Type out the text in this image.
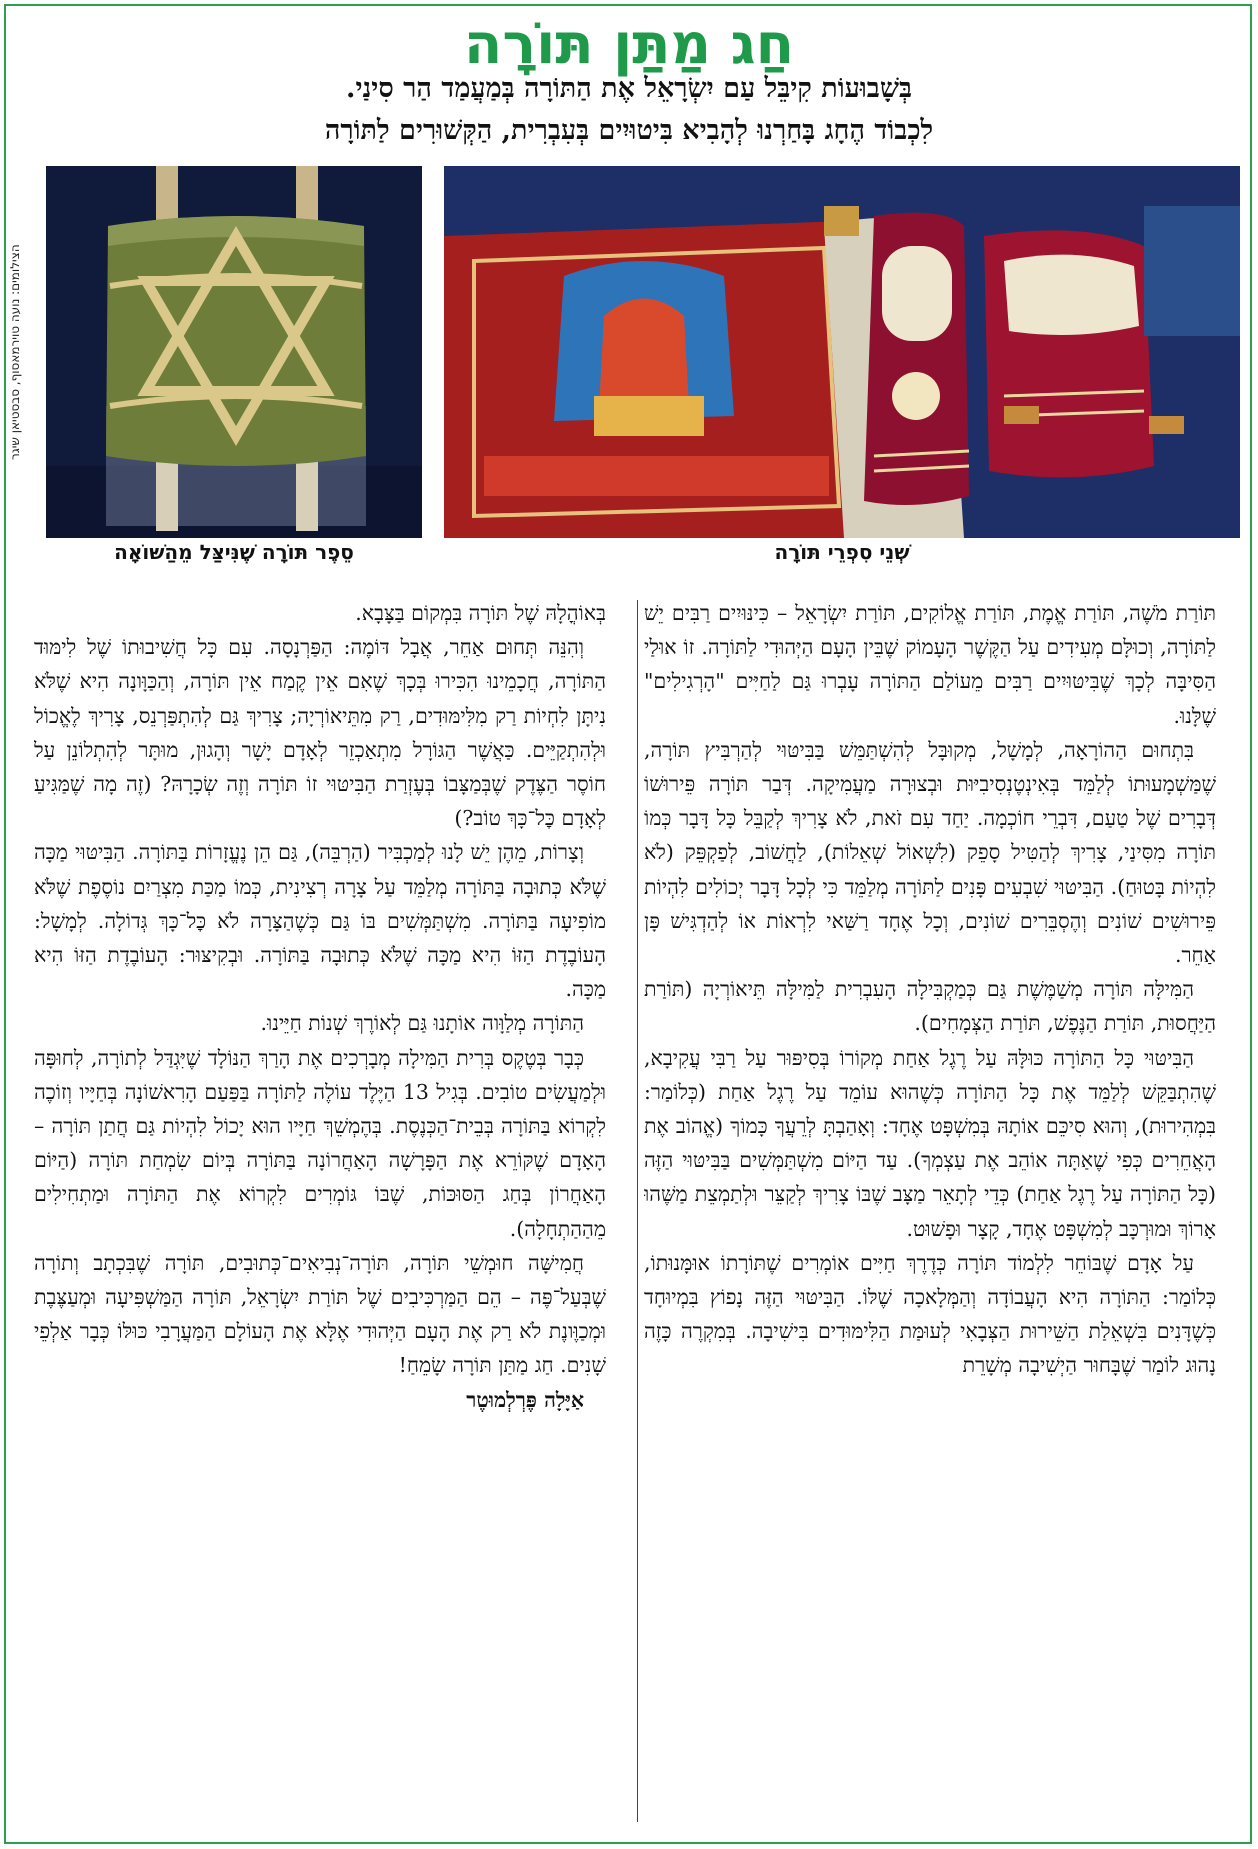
חַג מַתַּן תּוֹרָה
בְּשָׁבוּעוֹת קִיבֵּל עַם יִשְׂרָאֵל אֶת הַתּוֹרָה בְּמַעֲמַד הַר סִינַי.
לִכְבוֹד הֶחָג בָּחַרְנוּ לְהָבִיא בִּיטוּיִים בְּעִבְרִית, הַקְּשׁוּרִים לַתּוֹרָה
הצילומים: נועה טוירמאסוף, סבסטיאן שיגר
סֵפֶר תּוֹרָה שֶׁנִּיצַּל מֵהַשּׁוֹאָה	שְׁנֵי סִפְרֵי תּוֹרָה

תּוֹרַת מֹשֶׁה, תּוֹרַת אֱמֶת, תּוֹרַת אֱלוֹקִים, תּוֹרַת יִשְׂרָאֵל – כִּינּוּיִים רַבִּים יֵשׁ לַתּוֹרָה, וְכוּלָּם מְעִידִים עַל הַקֶּשֶׁר הָעָמוֹק שֶׁבֵּין הָעָם הַיְּהוּדִי לַתּוֹרָה. זוֹ אוּלַי הַסִּיבָּה לְכָךְ שֶׁבִּיטּוּיִים רַבִּים מֵעוֹלַם הַתּוֹרָה עָבְרוּ גַּם לַחַיִּים "הָרְגִילִים" שֶׁלָּנוּ.

בִּתְחוּם הַהוֹרָאָה, לְמָשָׁל, מְקוּבָּל לְהִשְׁתַּמֵּשׁ בַּבִּיטּוּי לְהַרְבִּיץ תּוֹרָה, שֶׁמַּשְׁמָעוּתוֹ לְלַמֵּד בְּאִינְטֶנְסִיבִיּוּת וּבְצוּרָה מַעֲמִיקָה. דְּבַר תּוֹרָה פֵּירוּשׁוֹ דְּבָרִים שֶׁל טַעַם, דִּבְרֵי חוֹכְמָה. יַחַד עִם זֹאת, לֹא צָרִיךְ לְקַבֵּל כָּל דָּבָר כְּמוֹ תּוֹרָה מִסִּינַי, צָרִיךְ לְהַטִּיל סָפֵק (לִשְׁאוֹל שְׁאֵלוֹת), לַחֲשׁוֹב, לְפַקְפֵּק (לֹא לִהְיוֹת בָּטוּחַ). הַבִּיטּוּי שִׁבְעִים פָּנִים לַתּוֹרָה מְלַמֵּד כִּי לְכָל דָּבָר יְכוֹלִים לִהְיוֹת פֵּירוּשִׁים שׁוֹנִים וְהֶסְבֵּרִים שׁוֹנִים, וְכָל אֶחָד רַשַּׁאי לִרְאוֹת אוֹ לְהַדְגִּישׁ פָּן אַחֵר.

הַמִּילָּה תּוֹרָה מְשַׁמֶּשֶׁת גַּם כְּמַקְבִּילָה הָעִבְרִית לַמִּילָּה תֵּיאוֹרְיָה (תּוֹרַת הַיַּחֲסוּת, תּוֹרַת הַנֶּפֶשׁ, תּוֹרַת הַצְּמָחִים).

הַבִּיטּוּי כָּל הַתּוֹרָה כּוּלָּהּ עַל רֶגֶל אַחַת מְקוֹרוֹ בְּסִיפּוּר עַל רַבִּי עֲקִיבָא, שֶׁהִתְבַּקֵּשׁ לְלַמֵּד אֶת כָּל הַתּוֹרָה כְּשֶׁהוּא עוֹמֵד עַל רֶגֶל אַחַת (כְּלוֹמַר: בִּמְהִירוּת), וְהוּא סִיכֵּם אוֹתָהּ בְּמִשְׁפָּט אֶחָד: וְאָהַבְתָּ לְרֵעֲךָ כָּמוֹךָ (אֱהוֹב אֶת הָאֲחֵרִים כְּפִי שֶׁאַתָּה אוֹהֵב אֶת עַצְמְךָ). עַד הַיּוֹם מִשְׁתַּמְּשִׁים בַּבִּיטּוּי הַזֶּה (כָּל הַתּוֹרָה עַל רֶגֶל אַחַת) כְּדֵי לְתָאֵר מַצָּב שֶׁבּוֹ צָרִיךְ לְקַצֵּר וּלְתַמְצֵת מַשֶּׁהוּ אָרוֹךְ וּמוּרְכָּב לְמִשְׁפָּט אֶחָד, קָצָר וּפָשׁוּט.

עַל אָדָם שֶׁבּוֹחֵר לִלְמוֹד תּוֹרָה כְּדֶרֶךְ חַיִּים אוֹמְרִים שֶׁתּוֹרָתוֹ אוּמָּנוּתוֹ, כְּלוֹמַר: הַתּוֹרָה הִיא הָעֲבוֹדָה וְהַמְּלָאכָה שֶׁלּוֹ. הַבִּיטּוּי הַזֶּה נָפוֹץ בִּמְיוּחָד כְּשֶׁדָּנִים בִּשְׁאֵלַת הַשֵּׁירוּת הַצְּבָאִי לְעוּמַּת הַלִּימּוּדִים בִּישִׁיבָה. בְּמִקְרֶה כָּזֶה נָהוּג לוֹמַר שֶׁבָּחוּר הַיְשִׁיבָה מְשָׁרֵת

בְּאוֹהֳלָהּ שֶׁל תּוֹרָה בִּמְקוֹם בַּצָּבָא.

וְהִנֵּה תְּחוּם אַחֵר, אֲבָל דּוֹמֶה: הַפַּרְנָסָה. עִם כָּל חֲשִׁיבוּתוֹ שֶׁל לִימּוּד הַתּוֹרָה, חֲכָמֵינוּ הִכִּירוּ בְּכָךְ שֶׁאִם אֵין קֶמַח אֵין תּוֹרָה, וְהַכַּוָּונָה הִיא שֶׁלֹּא נִיתָּן לִחְיוֹת רַק מִלִּימּוּדִים, רַק מִתֵּיאוֹרְיָה; צָרִיךְ גַּם לְהִתְפַּרְנֵס, צָרִיךְ לֶאֱכוֹל וּלְהִתְקַיֵּים. כַּאֲשֶׁר הַגּוֹרָל מִתְאַכְזֵר לְאָדָם יָשָׁר וְהָגוּן, מוּתָּר לְהִתְלוֹנֵן עַל חוֹסֶר הַצֶּדֶק שֶׁבְּמַצָּבוֹ בְּעֶזְרַת הַבִּיטּוּי זוֹ תּוֹרָה וְזֶה שְׂכָרָהּ? (זֶה מָה שֶׁמַּגִּיעַ לְאָדָם כׇּל־כָּךְ טוֹב?)

וְצָרוֹת, מֵהֶן יֵשׁ לָנוּ לְמַכְבִּיר (הַרְבֵּה), גַּם הֵן נֶעֱזָרוֹת בַּתּוֹרָה. הַבִּיטּוּי מַכָּה שֶׁלֹּא כְּתוּבָה בַּתּוֹרָה מְלַמֵּד עַל צָרָה רְצִינִית, כְּמוֹ מַכַּת מִצְרַיִם נוֹסֶפֶת שֶׁלֹּא מוֹפִיעָה בַּתּוֹרָה. מִשְׁתַּמְּשִׁים בּוֹ גַּם כְּשֶׁהַצָּרָה לֹא כׇּל־כָּךְ גְּדוֹלָה. לְמָשָׁל: הָעוֹבֶדֶת הַזּוֹ הִיא מַכָּה שֶׁלֹּא כְּתוּבָה בַּתּוֹרָה. וּבְקִיצּוּר: הָעוֹבֶדֶת הַזּוֹ הִיא מַכָּה.

הַתּוֹרָה מְלַוָּוה אוֹתָנוּ גַּם לְאוֹרֶךְ שְׁנוֹת חַיֵּינוּ.

כְּבָר בְּטֶקֶס בְּרִית הַמִּילָה מְבָרְכִים אֶת הָרַךְ הַנּוֹלָד שֶׁיִּגְדַּל לְתוֹרָה, לְחוּפָּה וּלְמַעֲשִׂים טוֹבִים. בְּגִיל 13 הַיֶּלֶד עוֹלֶה לַתּוֹרָה בַּפַּעַם הָרִאשׁוֹנָה בְּחַיָּיו וְזוֹכֶה לִקְרוֹא בַּתּוֹרָה בְּבֵית־הַכְּנֶסֶת. בְּהֶמְשֵׁךְ חַיָּיו הוּא יָכוֹל לִהְיוֹת גַּם חֲתַן תּוֹרָה – הָאָדָם שֶׁקּוֹרֵא אֶת הַפָּרָשָׁה הָאַחֲרוֹנָה בַּתּוֹרָה בְּיוֹם שִׂמְחַת תּוֹרָה (הַיּוֹם הָאַחֲרוֹן בְּחַג הַסּוּכּוֹת, שֶׁבּוֹ גּוֹמְרִים לִקְרוֹא אֶת הַתּוֹרָה וּמַתְחִילִים מֵהַהַתְחָלָה).

חֲמִישָּׁה חוּמְשֵׁי תּוֹרָה, תּוֹרָה־נְבִיאִים־כְּתוּבִים, תּוֹרָה שֶׁבִּכְתָב וְתוֹרָה שֶׁבְּעַל־פֶּה – הֵם הַמַּרְכִּיבִים שֶׁל תּוֹרַת יִשְׂרָאֵל, תּוֹרָה הַמַּשְׁפִּיעָה וּמְעַצֶּבֶת וּמְכַוֶּונֶת לֹא רַק אֶת הָעָם הַיְּהוּדִי אֶלָּא אֶת הָעוֹלָם הַמַּעֲרָבִי כּוּלּוֹ כְּבָר אַלְפֵי שָׁנִים. חַג מַתַּן תּוֹרָה שָׂמֵחַ!

אַיָּלָה פֶּרְלְמוּטֶר
